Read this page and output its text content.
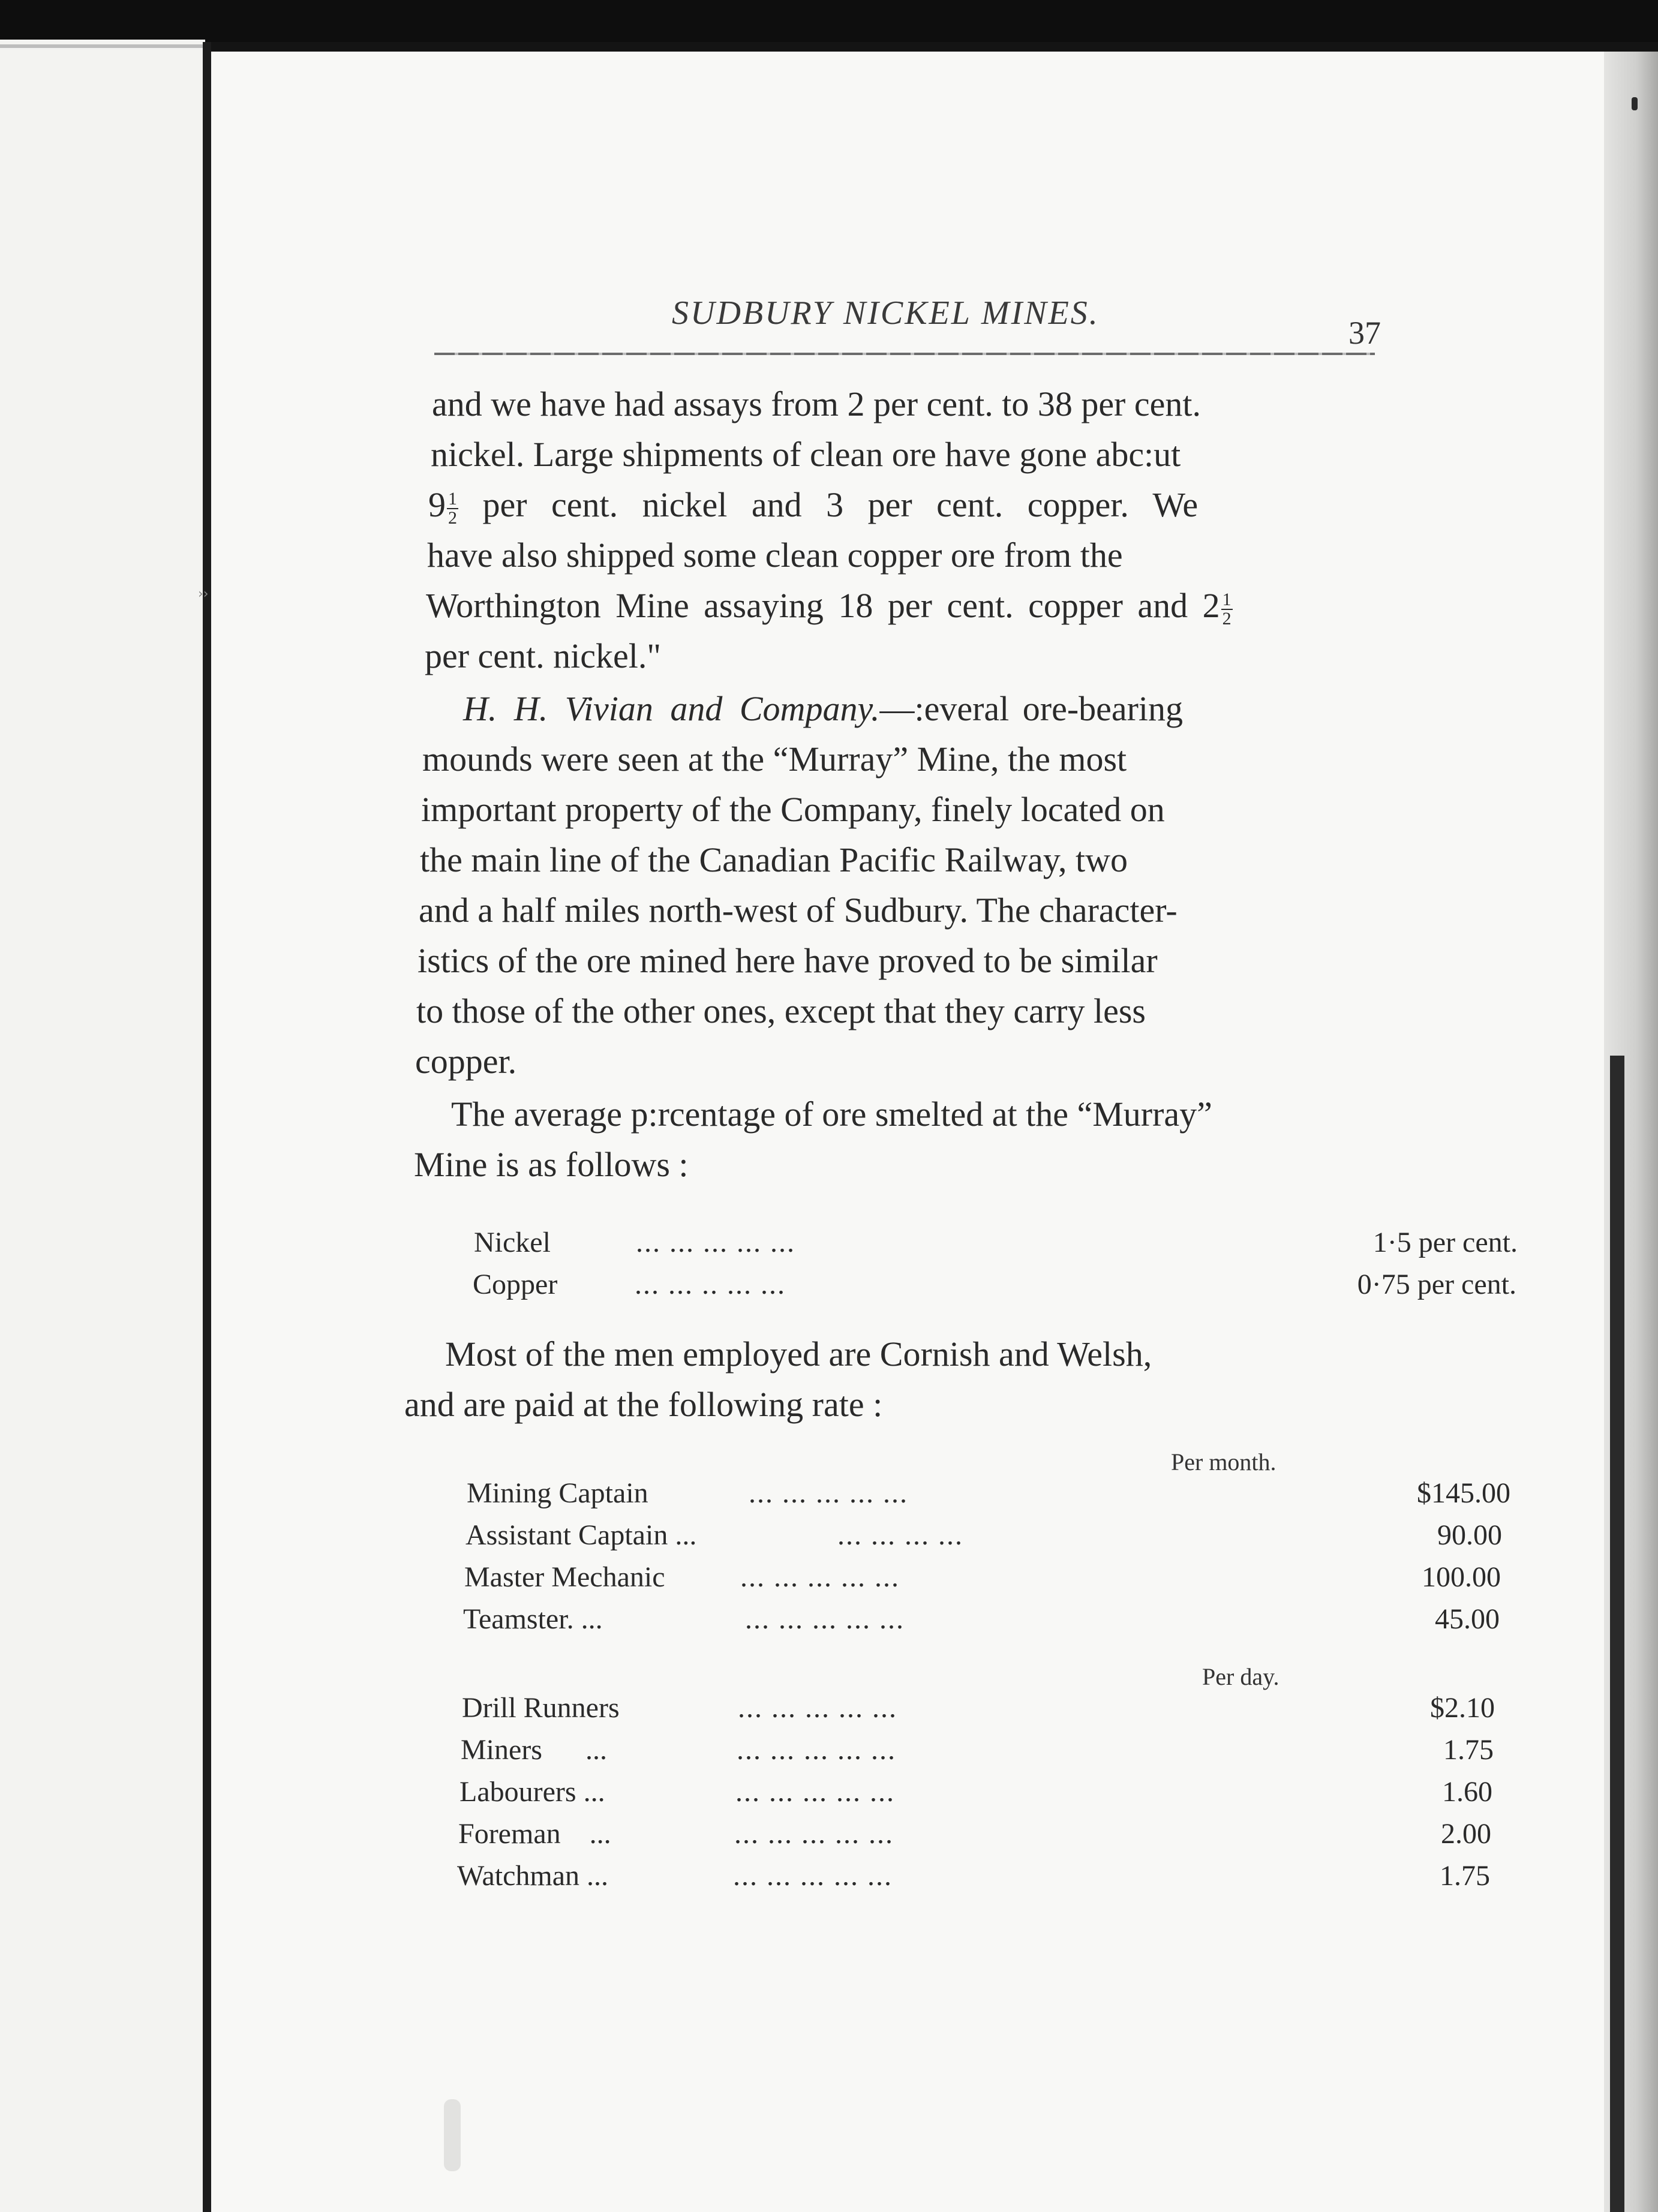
››
SUDBURY NICKEL MINES.
37
and we have had assays from 2 per cent. to 38 per cent.
nickel. Large shipments of clean ore have gone abc:ut
$9 \frac{1}{2}$ per cent. nickel and 3 per cent. copper. We
have also shipped some clean copper ore from the
Worthington Mine assaying 18 per cent. copper and $2 \frac{1}{2}$
per cent. nickel."
H. H. Vivian and Company.—:everal ore-bearing
mounds were seen at the “Murray” Mine, the most
important property of the Company, finely located on
the main line of the Canadian Pacific Railway, two
and a half miles north-west of Sudbury. The character-
istics of the ore mined here have proved to be similar
to those of the other ones, except that they carry less
copper.
The average p:rcentage of ore smelted at the “Murray”
Mine is as follows :
Nickel	... ... ... ... ...	1·5 per cent.
Copper	... ... .. ... ...	0·75 per cent.
Most of the men employed are Cornish and Welsh,
and are paid at the following rate :
Per month.
Mining Captain	... ... ... ... ...	$145.00
Assistant Captain ...	... ... ... ...	90.00
Master Mechanic	... ... ... ... ...	100.00
Teamster. ...	... ... ... ... ...	45.00
Per day.
Drill Runners	... ... ... ... ...	$2.10
Miners      ...	... ... ... ... ...	1.75
Labourers ...	... ... ... ... ...	1.60
Foreman    ...	... ... ... ... ...	2.00
Watchman ...	... ... ... ... ...	1.75
